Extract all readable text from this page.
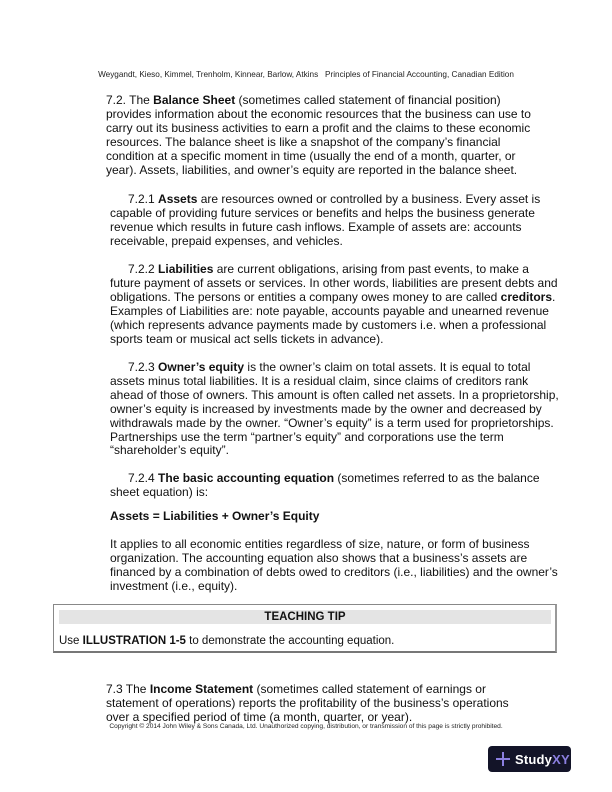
Weygandt, Kieso, Kimmel, Trenholm, Kinnear, Barlow, Atkins Principles of Financial Accounting, Canadian Edition

7.2. The Balance Sheet (sometimes called statement of financial position) provides information about the economic resources that the business can use to carry out its business activities to earn a profit and the claims to these economic resources. The balance sheet is like a snapshot of the company’s financial condition at a specific moment in time (usually the end of a month, quarter, or year). Assets, liabilities, and owner’s equity are reported in the balance sheet.

7.2.1 Assets are resources owned or controlled by a business. Every asset is capable of providing future services or benefits and helps the business generate revenue which results in future cash inflows. Example of assets are: accounts receivable, prepaid expenses, and vehicles.

7.2.2 Liabilities are current obligations, arising from past events, to make a future payment of assets or services. In other words, liabilities are present debts and obligations. The persons or entities a company owes money to are called creditors. Examples of Liabilities are: note payable, accounts payable and unearned revenue (which represents advance payments made by customers i.e. when a professional sports team or musical act sells tickets in advance).

7.2.3 Owner’s equity is the owner’s claim on total assets. It is equal to total assets minus total liabilities. It is a residual claim, since claims of creditors rank ahead of those of owners. This amount is often called net assets. In a proprietorship, owner’s equity is increased by investments made by the owner and decreased by withdrawals made by the owner. “Owner’s equity” is a term used for proprietorships. Partnerships use the term “partner’s equity” and corporations use the term “shareholder’s equity”.

7.2.4 The basic accounting equation (sometimes referred to as the balance sheet equation) is:

Assets = Liabilities + Owner’s Equity

It applies to all economic entities regardless of size, nature, or form of business organization. The accounting equation also shows that a business’s assets are financed by a combination of debts owed to creditors (i.e., liabilities) and the owner’s investment (i.e., equity).

TEACHING TIP
Use ILLUSTRATION 1-5 to demonstrate the accounting equation.

7.3 The Income Statement (sometimes called statement of earnings or statement of operations) reports the profitability of the business’s operations over a specified period of time (a month, quarter, or year).

Copyright © 2014 John Wiley & Sons Canada, Ltd. Unauthorized copying, distribution, or transmission of this page is strictly prohibited.
StudyXY
